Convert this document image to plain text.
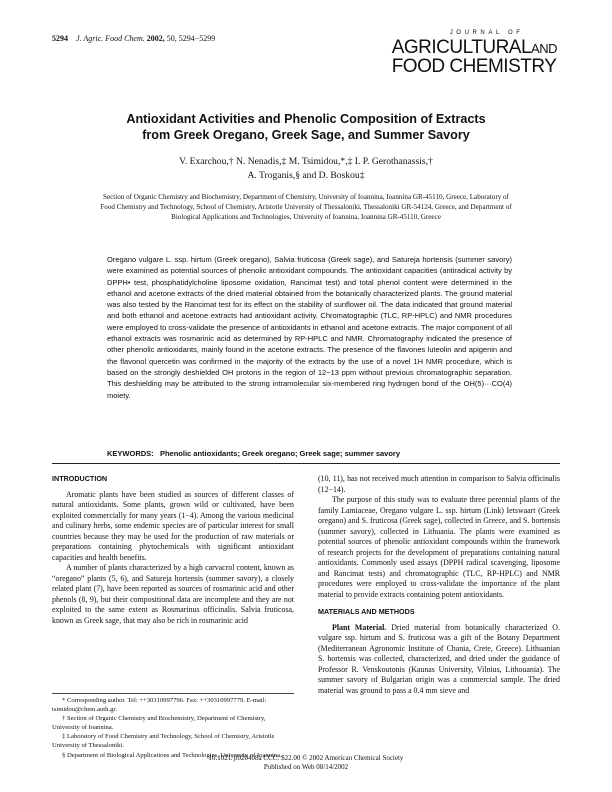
5294 J. Agric. Food Chem. 2002, 50, 5294−5299
JOURNAL OF
AGRICULTURALAND
FOOD CHEMISTRY
Antioxidant Activities and Phenolic Composition of Extracts
from Greek Oregano, Greek Sage, and Summer Savory
V. Exarchou,† N. Nenadis,‡ M. Tsimidou,*,‡ I. P. Gerothanassis,†
A. Troganis,§ and D. Boskou‡
Section of Organic Chemistry and Biochemistry, Department of Chemistry, University of Ioannina, Ioannina GR-45110, Greece, Laboratory of Food Chemistry and Technology, School of Chemistry, Aristotle University of Thessaloniki, Thessaloniki GR-54124, Greece, and Department of Biological Applications and Technologies, University of Ioannina, Ioannina GR-45110, Greece
Oregano vulgare L. ssp. hirtum (Greek oregano), Salvia fruticosa (Greek sage), and Satureja hortensis (summer savory) were examined as potential sources of phenolic antioxidant compounds. The antioxidant capacities (antiradical activity by DPPH• test, phosphatidylcholine liposome oxidation, Rancimat test) and total phenol content were determined in the ethanol and acetone extracts of the dried material obtained from the botanically characterized plants. The ground material was also tested by the Rancimat test for its effect on the stability of sunflower oil. The data indicated that ground material and both ethanol and acetone extracts had antioxidant activity. Chromatographic (TLC, RP-HPLC) and NMR procedures were employed to cross-validate the presence of antioxidants in ethanol and acetone extracts. The major component of all ethanol extracts was rosmarinic acid as determined by RP-HPLC and NMR. Chromatography indicated the presence of other phenolic antioxidants, mainly found in the acetone extracts. The presence of the flavones luteolin and apigenin and the flavonol quercetin was confirmed in the majority of the extracts by the use of a novel 1H NMR procedure, which is based on the strongly deshielded OH protons in the region of 12−13 ppm without previous chromatographic separation. This deshielding may be attributed to the strong intramolecular six-membered ring hydrogen bond of the OH(5)···CO(4) moiety.
KEYWORDS: Phenolic antioxidants; Greek oregano; Greek sage; summer savory
INTRODUCTION

Aromatic plants have been studied as sources of different classes of natural antioxidants. Some plants, grown wild or cultivated, have been exploited commercially for many years (1−4). Among the various medicinal and culinary herbs, some endemic species are of particular interest for small countries because they may be used for the production of raw materials or preparations containing phytochemicals with significant antioxidant capacities and health benefits.

A number of plants characterized by a high carvacrol content, known as “oregano” plants (5, 6), and Satureja hortensis (summer savory), a closely related plant (7), have been reported as sources of rosmarinic acid and other phenols (8, 9), but their compositional data are incomplete and they are not exploited to the same extent as Rosmarinus officinalis. Salvia fruticosa, known as Greek sage, that may also be rich in rosmarinic acid

(10, 11), has not received much attention in comparison to Salvia officinalis (12−14).

The purpose of this study was to evaluate three perennial plants of the family Lamiaceae, Oregano vulgare L. ssp. hirtum (Link) Ietswaart (Greek oregano) and S. fruticosa (Greek sage), collected in Greece, and S. hortensis (summer savory), collected in Lithuania. The plants were examined as potential sources of phenolic antioxidant compounds within the framework of research projects for the development of preparations containing natural antioxidants. Commonly used assays (DPPH radical scavenging, liposome and Rancimat tests) and chromatographic (TLC, RP-HPLC) and NMR procedures were employed to cross-validate the importance of the plant material to provide extracts containing potent antioxidants.

MATERIALS AND METHODS

Plant Material. Dried material from botanically characterized O. vulgare ssp. hirtum and S. fruticosa was a gift of the Botany Department (Mediterranean Agronomic Institute of Chania, Crete, Greece). Lithuanian S. hortensis was collected, characterized, and dried under the guidance of Professor R. Venskoutonis (Kaunas University, Vilnius, Lithouania). The summer savory of Bulgarian origin was a commercial sample. The dried material was ground to pass a 0.4 mm sieve and

* Corresponding author. Tel: ++30310997796. Fax: ++30310997779. E-mail: tsimidou@chem.auth.gr.

† Section of Organic Chemistry and Biochemistry, Department of Chemistry, University of Ioannina.

‡ Laboratory of Food Chemistry and Technology, School of Chemistry, Aristotle University of Thessaloniki.

§ Department of Biological Applications and Technologies, University of Ioannina.

10.1021/jf020408a CCC: $22.00 © 2002 American Chemical Society
Published on Web 08/14/2002
